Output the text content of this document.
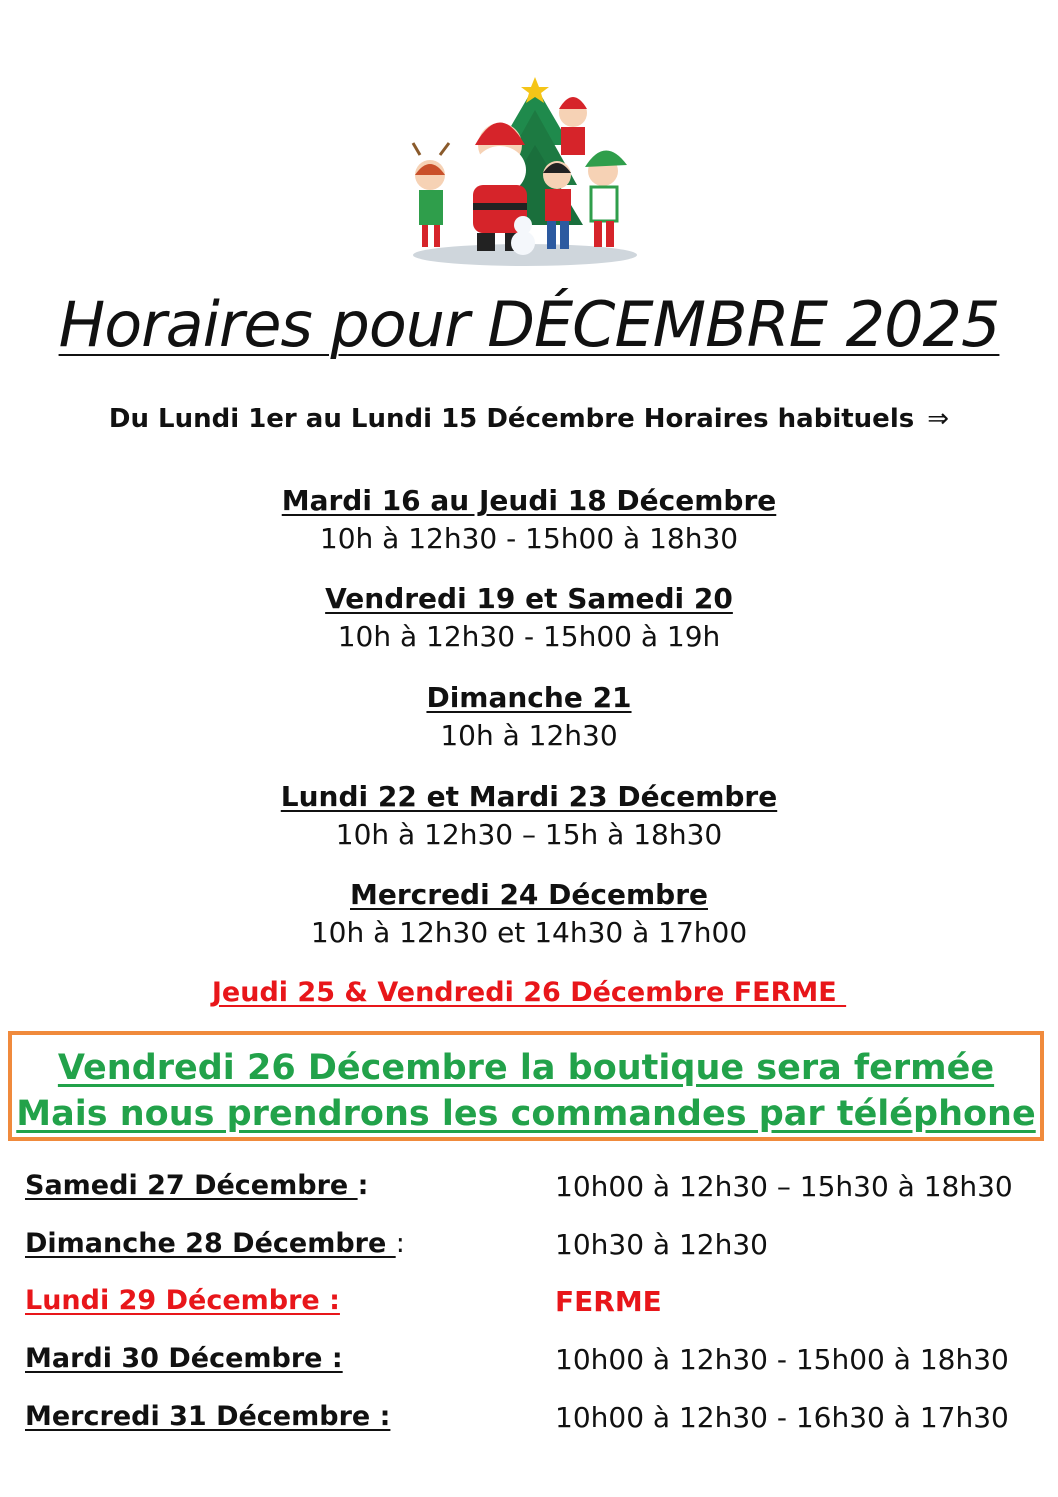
Horaires pour DÉCEMBRE 2025
Du Lundi 1er au Lundi 15 Décembre Horaires habituels ⇒
Mardi 16 au Jeudi 18 Décembre
10h à 12h30 - 15h00 à 18h30
Vendredi 19 et Samedi 20
10h à 12h30 - 15h00 à 19h
Dimanche 21
10h à 12h30
Lundi 22 et Mardi 23 Décembre
10h à 12h30 – 15h à 18h30
Mercredi 24 Décembre
10h à 12h30 et 14h30 à 17h00
Jeudi 25 & Vendredi 26 Décembre FERME
Vendredi 26 Décembre la boutique sera fermée
Mais nous prendrons les commandes par téléphone
Samedi 27 Décembre :	10h00 à 12h30 – 15h30 à 18h30
Dimanche 28 Décembre :	10h30 à 12h30
Lundi 29 Décembre :	FERME
Mardi 30 Décembre :	10h00 à 12h30 - 15h00 à 18h30
Mercredi 31 Décembre :	10h00 à 12h30 - 16h30 à 17h30
